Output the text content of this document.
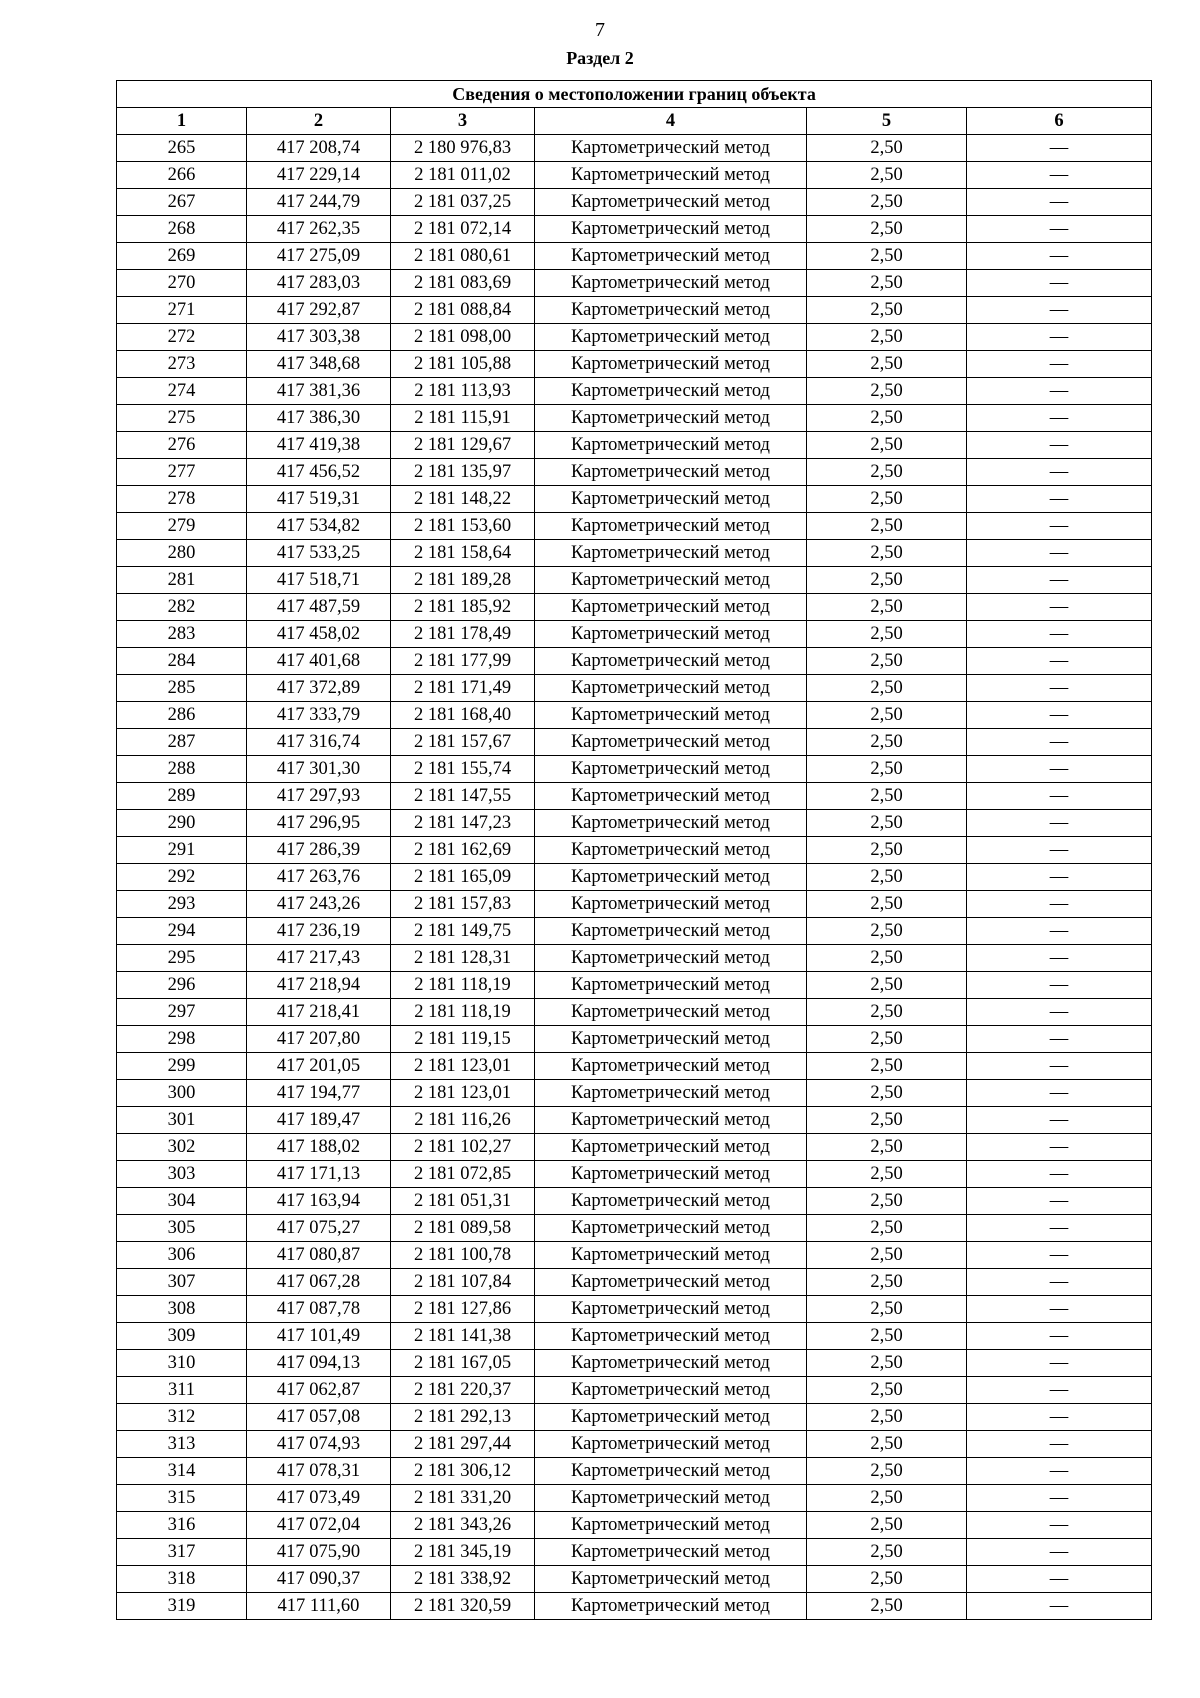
7
Раздел 2
Сведения о местоположении границ объекта					
1	2	3	4	5	6
265	417 208,74	2 180 976,83	Картометрический метод	2,50	—
266	417 229,14	2 181 011,02	Картометрический метод	2,50	—
267	417 244,79	2 181 037,25	Картометрический метод	2,50	—
268	417 262,35	2 181 072,14	Картометрический метод	2,50	—
269	417 275,09	2 181 080,61	Картометрический метод	2,50	—
270	417 283,03	2 181 083,69	Картометрический метод	2,50	—
271	417 292,87	2 181 088,84	Картометрический метод	2,50	—
272	417 303,38	2 181 098,00	Картометрический метод	2,50	—
273	417 348,68	2 181 105,88	Картометрический метод	2,50	—
274	417 381,36	2 181 113,93	Картометрический метод	2,50	—
275	417 386,30	2 181 115,91	Картометрический метод	2,50	—
276	417 419,38	2 181 129,67	Картометрический метод	2,50	—
277	417 456,52	2 181 135,97	Картометрический метод	2,50	—
278	417 519,31	2 181 148,22	Картометрический метод	2,50	—
279	417 534,82	2 181 153,60	Картометрический метод	2,50	—
280	417 533,25	2 181 158,64	Картометрический метод	2,50	—
281	417 518,71	2 181 189,28	Картометрический метод	2,50	—
282	417 487,59	2 181 185,92	Картометрический метод	2,50	—
283	417 458,02	2 181 178,49	Картометрический метод	2,50	—
284	417 401,68	2 181 177,99	Картометрический метод	2,50	—
285	417 372,89	2 181 171,49	Картометрический метод	2,50	—
286	417 333,79	2 181 168,40	Картометрический метод	2,50	—
287	417 316,74	2 181 157,67	Картометрический метод	2,50	—
288	417 301,30	2 181 155,74	Картометрический метод	2,50	—
289	417 297,93	2 181 147,55	Картометрический метод	2,50	—
290	417 296,95	2 181 147,23	Картометрический метод	2,50	—
291	417 286,39	2 181 162,69	Картометрический метод	2,50	—
292	417 263,76	2 181 165,09	Картометрический метод	2,50	—
293	417 243,26	2 181 157,83	Картометрический метод	2,50	—
294	417 236,19	2 181 149,75	Картометрический метод	2,50	—
295	417 217,43	2 181 128,31	Картометрический метод	2,50	—
296	417 218,94	2 181 118,19	Картометрический метод	2,50	—
297	417 218,41	2 181 118,19	Картометрический метод	2,50	—
298	417 207,80	2 181 119,15	Картометрический метод	2,50	—
299	417 201,05	2 181 123,01	Картометрический метод	2,50	—
300	417 194,77	2 181 123,01	Картометрический метод	2,50	—
301	417 189,47	2 181 116,26	Картометрический метод	2,50	—
302	417 188,02	2 181 102,27	Картометрический метод	2,50	—
303	417 171,13	2 181 072,85	Картометрический метод	2,50	—
304	417 163,94	2 181 051,31	Картометрический метод	2,50	—
305	417 075,27	2 181 089,58	Картометрический метод	2,50	—
306	417 080,87	2 181 100,78	Картометрический метод	2,50	—
307	417 067,28	2 181 107,84	Картометрический метод	2,50	—
308	417 087,78	2 181 127,86	Картометрический метод	2,50	—
309	417 101,49	2 181 141,38	Картометрический метод	2,50	—
310	417 094,13	2 181 167,05	Картометрический метод	2,50	—
311	417 062,87	2 181 220,37	Картометрический метод	2,50	—
312	417 057,08	2 181 292,13	Картометрический метод	2,50	—
313	417 074,93	2 181 297,44	Картометрический метод	2,50	—
314	417 078,31	2 181 306,12	Картометрический метод	2,50	—
315	417 073,49	2 181 331,20	Картометрический метод	2,50	—
316	417 072,04	2 181 343,26	Картометрический метод	2,50	—
317	417 075,90	2 181 345,19	Картометрический метод	2,50	—
318	417 090,37	2 181 338,92	Картометрический метод	2,50	—
319	417 111,60	2 181 320,59	Картометрический метод	2,50	—
